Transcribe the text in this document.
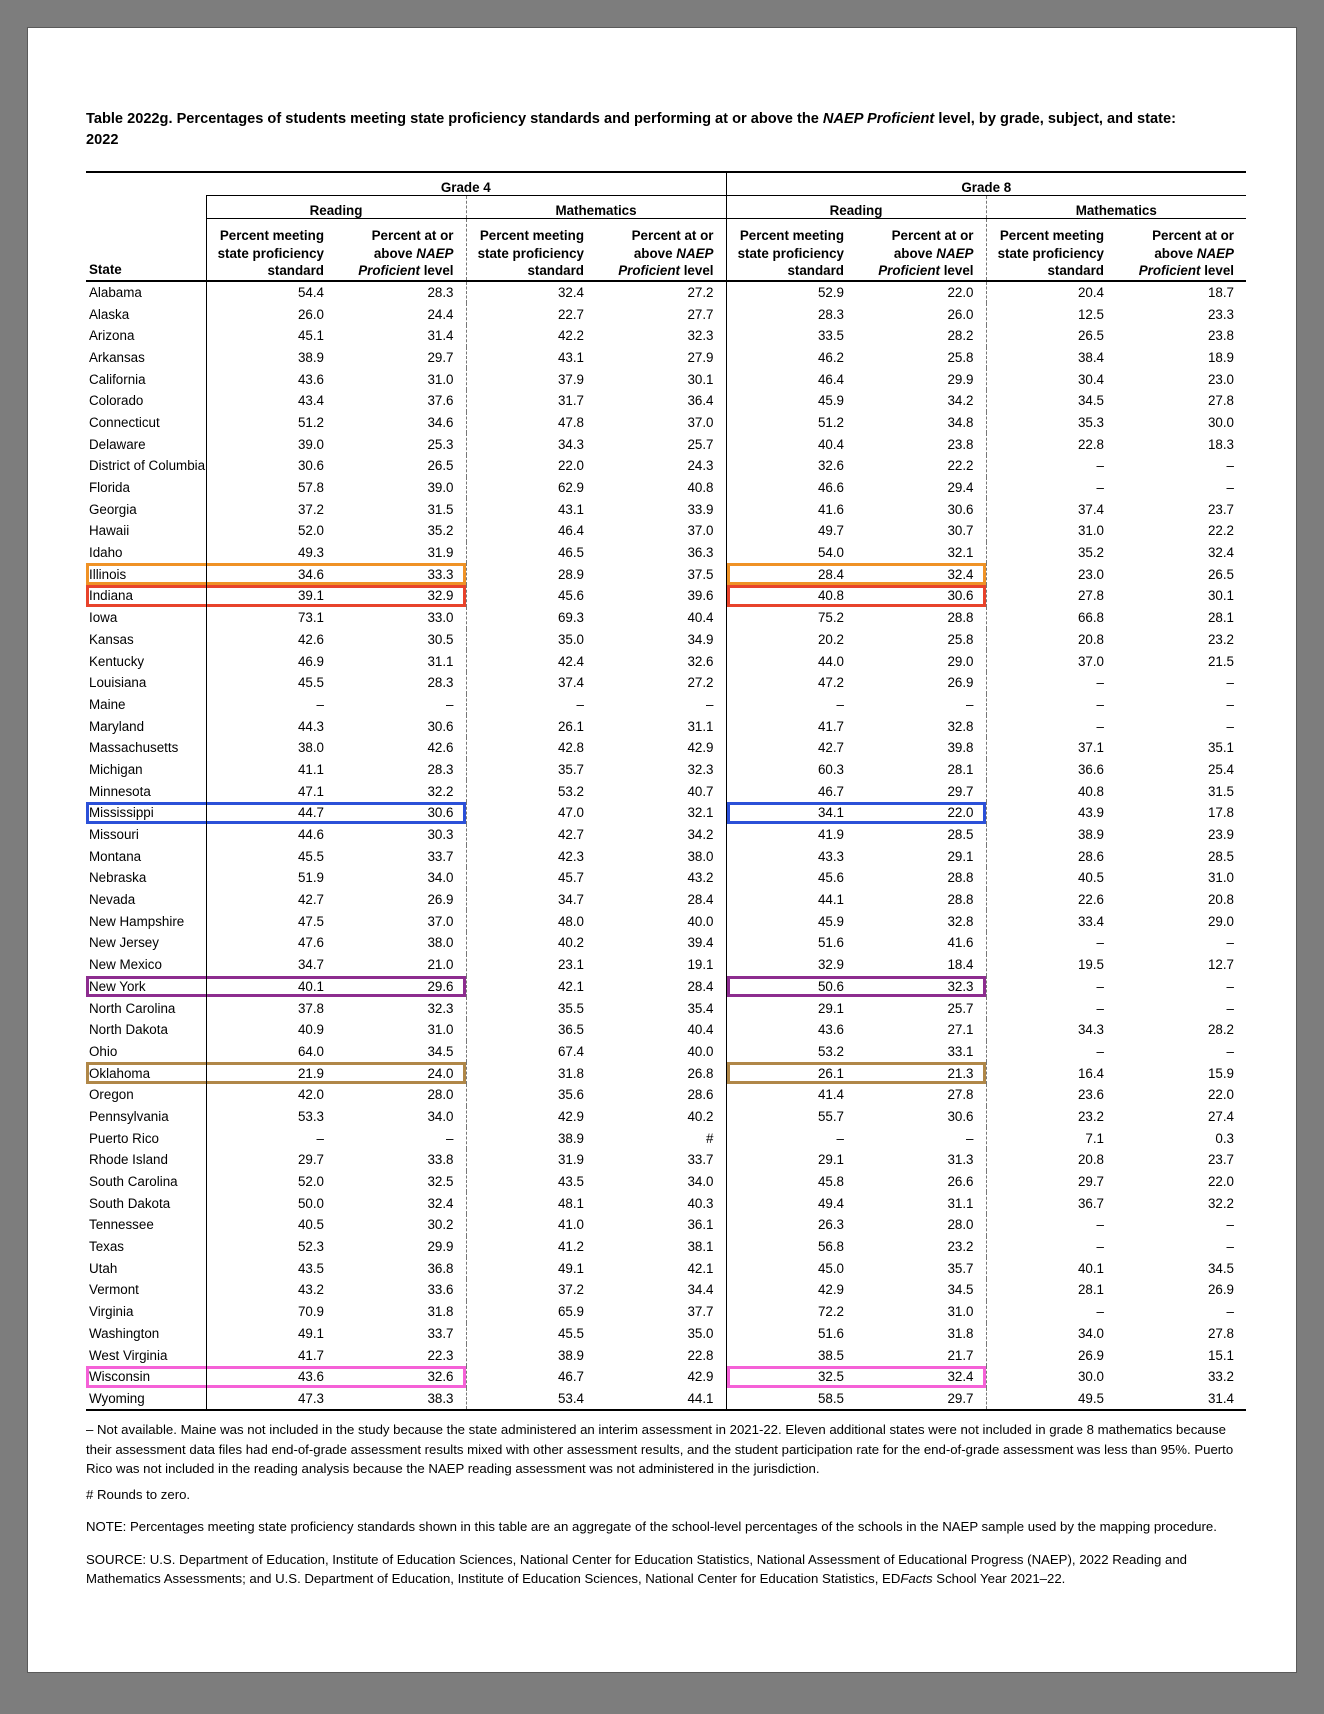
Table 2022g. Percentages of students meeting state proficiency standards and performing at or above the NAEP Proficient level, by grade, subject, and state:
2022
	Grade 4				Grade 8			
	Reading		Mathematics		Reading		Mathematics	
State	Percent meeting
state proficiency
standard	Percent at or
above NAEP
Proficient level	Percent meeting
state proficiency
standard	Percent at or
above NAEP
Proficient level	Percent meeting
state proficiency
standard	Percent at or
above NAEP
Proficient level	Percent meeting
state proficiency
standard	Percent at or
above NAEP
Proficient level

Alabama	54.4	28.3	32.4	27.2	52.9	22.0	20.4	18.7
Alaska	26.0	24.4	22.7	27.7	28.3	26.0	12.5	23.3
Arizona	45.1	31.4	42.2	32.3	33.5	28.2	26.5	23.8
Arkansas	38.9	29.7	43.1	27.9	46.2	25.8	38.4	18.9
California	43.6	31.0	37.9	30.1	46.4	29.9	30.4	23.0
Colorado	43.4	37.6	31.7	36.4	45.9	34.2	34.5	27.8
Connecticut	51.2	34.6	47.8	37.0	51.2	34.8	35.3	30.0
Delaware	39.0	25.3	34.3	25.7	40.4	23.8	22.8	18.3
District of Columbia	30.6	26.5	22.0	24.3	32.6	22.2	–	–
Florida	57.8	39.0	62.9	40.8	46.6	29.4	–	–
Georgia	37.2	31.5	43.1	33.9	41.6	30.6	37.4	23.7
Hawaii	52.0	35.2	46.4	37.0	49.7	30.7	31.0	22.2
Idaho	49.3	31.9	46.5	36.3	54.0	32.1	35.2	32.4
Illinois	34.6	33.3	28.9	37.5	28.4	32.4	23.0	26.5
Indiana	39.1	32.9	45.6	39.6	40.8	30.6	27.8	30.1
Iowa	73.1	33.0	69.3	40.4	75.2	28.8	66.8	28.1
Kansas	42.6	30.5	35.0	34.9	20.2	25.8	20.8	23.2
Kentucky	46.9	31.1	42.4	32.6	44.0	29.0	37.0	21.5
Louisiana	45.5	28.3	37.4	27.2	47.2	26.9	–	–
Maine	–	–	–	–	–	–	–	–
Maryland	44.3	30.6	26.1	31.1	41.7	32.8	–	–
Massachusetts	38.0	42.6	42.8	42.9	42.7	39.8	37.1	35.1
Michigan	41.1	28.3	35.7	32.3	60.3	28.1	36.6	25.4
Minnesota	47.1	32.2	53.2	40.7	46.7	29.7	40.8	31.5
Mississippi	44.7	30.6	47.0	32.1	34.1	22.0	43.9	17.8
Missouri	44.6	30.3	42.7	34.2	41.9	28.5	38.9	23.9
Montana	45.5	33.7	42.3	38.0	43.3	29.1	28.6	28.5
Nebraska	51.9	34.0	45.7	43.2	45.6	28.8	40.5	31.0
Nevada	42.7	26.9	34.7	28.4	44.1	28.8	22.6	20.8
New Hampshire	47.5	37.0	48.0	40.0	45.9	32.8	33.4	29.0
New Jersey	47.6	38.0	40.2	39.4	51.6	41.6	–	–
New Mexico	34.7	21.0	23.1	19.1	32.9	18.4	19.5	12.7
New York	40.1	29.6	42.1	28.4	50.6	32.3	–	–
North Carolina	37.8	32.3	35.5	35.4	29.1	25.7	–	–
North Dakota	40.9	31.0	36.5	40.4	43.6	27.1	34.3	28.2
Ohio	64.0	34.5	67.4	40.0	53.2	33.1	–	–
Oklahoma	21.9	24.0	31.8	26.8	26.1	21.3	16.4	15.9
Oregon	42.0	28.0	35.6	28.6	41.4	27.8	23.6	22.0
Pennsylvania	53.3	34.0	42.9	40.2	55.7	30.6	23.2	27.4
Puerto Rico	–	–	38.9	#	–	–	7.1	0.3
Rhode Island	29.7	33.8	31.9	33.7	29.1	31.3	20.8	23.7
South Carolina	52.0	32.5	43.5	34.0	45.8	26.6	29.7	22.0
South Dakota	50.0	32.4	48.1	40.3	49.4	31.1	36.7	32.2
Tennessee	40.5	30.2	41.0	36.1	26.3	28.0	–	–
Texas	52.3	29.9	41.2	38.1	56.8	23.2	–	–
Utah	43.5	36.8	49.1	42.1	45.0	35.7	40.1	34.5
Vermont	43.2	33.6	37.2	34.4	42.9	34.5	28.1	26.9
Virginia	70.9	31.8	65.9	37.7	72.2	31.0	–	–
Washington	49.1	33.7	45.5	35.0	51.6	31.8	34.0	27.8
West Virginia	41.7	22.3	38.9	22.8	38.5	21.7	26.9	15.1
Wisconsin	43.6	32.6	46.7	42.9	32.5	32.4	30.0	33.2
Wyoming	47.3	38.3	53.4	44.1	58.5	29.7	49.5	31.4
– Not available. Maine was not included in the study because the state administered an interim assessment in 2021-22. Eleven additional states were not included in grade 8 mathematics because their assessment data files had end-of-grade assessment results mixed with other assessment results, and the student participation rate for the end-of-grade assessment was less than 95%. Puerto Rico was not included in the reading analysis because the NAEP reading assessment was not administered in the jurisdiction.
# Rounds to zero.
NOTE: Percentages meeting state proficiency standards shown in this table are an aggregate of the school-level percentages of the schools in the NAEP sample used by the mapping procedure.
SOURCE: U.S. Department of Education, Institute of Education Sciences, National Center for Education Statistics, National Assessment of Educational Progress (NAEP), 2022 Reading and Mathematics Assessments; and U.S. Department of Education, Institute of Education Sciences, National Center for Education Statistics, EDFacts School Year 2021–22.
